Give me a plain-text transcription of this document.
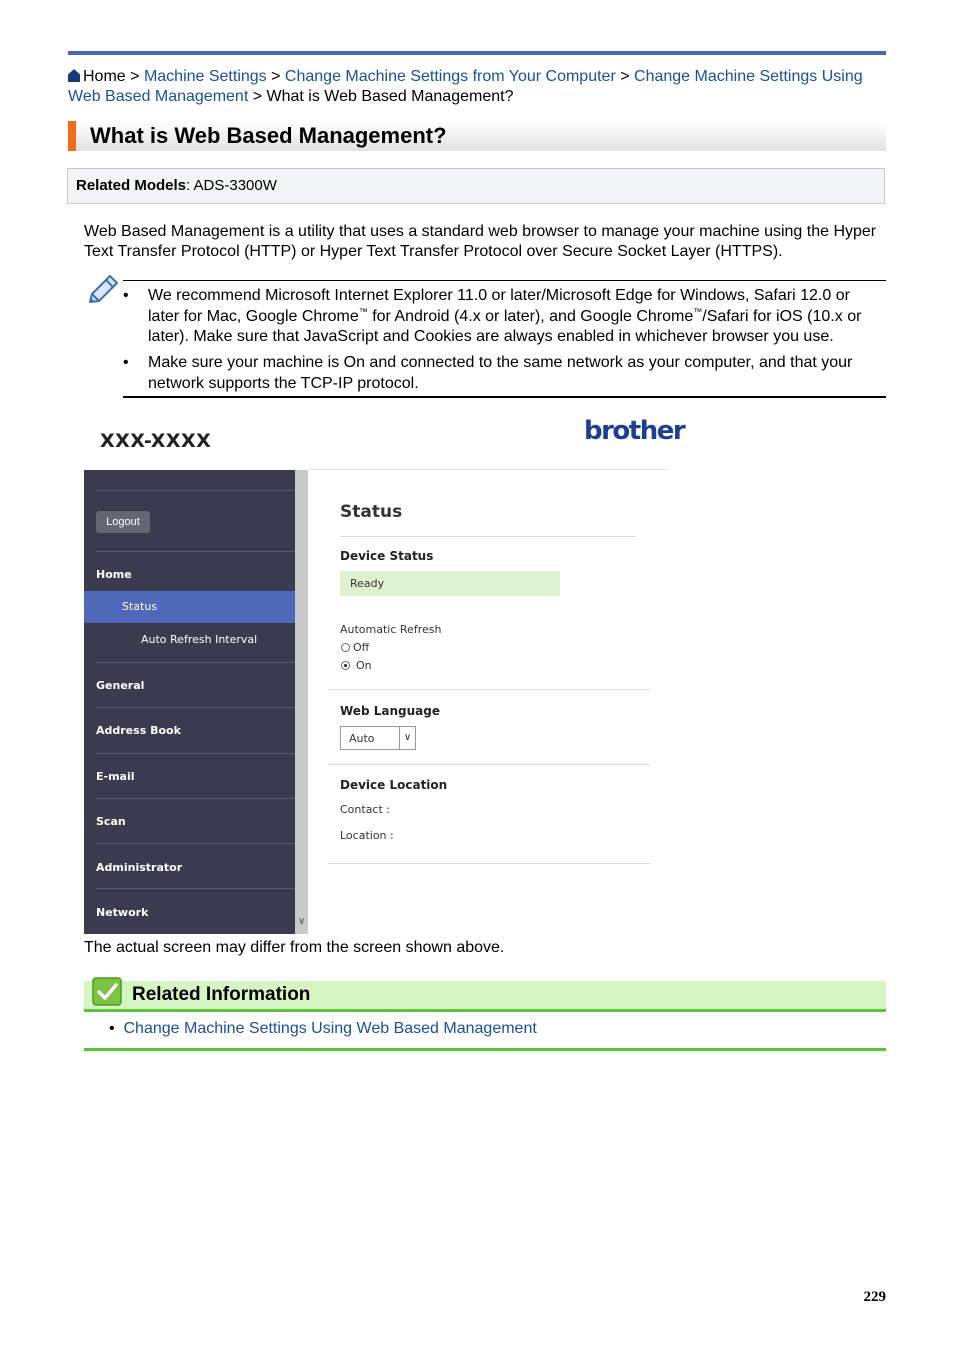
Home > Machine Settings > Change Machine Settings from Your Computer > Change Machine Settings Using Web Based Management > What is Web Based Management?
What is Web Based Management?
Related Models: ADS-3300W
Web Based Management is a utility that uses a standard web browser to manage your machine using the Hyper Text Transfer Protocol (HTTP) or Hyper Text Transfer Protocol over Secure Socket Layer (HTTPS).
• We recommend Microsoft Internet Explorer 11.0 or later/Microsoft Edge for Windows, Safari 12.0 or later for Mac, Google Chrome™ for Android (4.x or later), and Google Chrome™/Safari for iOS (10.x or later). Make sure that JavaScript and Cookies are always enabled in whichever browser you use.
• Make sure your machine is On and connected to the same network as your computer, and that your network supports the TCP-IP protocol.
XXX-XXXX	brother
Logout
Home
Status
Auto Refresh Interval
General
Address Book
E-mail
Scan
Administrator
Network
∨
Status
Device Status
Ready
Automatic Refresh
Off
On
Web Language
Auto	∨
Device Location
Contact :
Location :
The actual screen may differ from the screen shown above.
Related Information
• Change Machine Settings Using Web Based Management
229
